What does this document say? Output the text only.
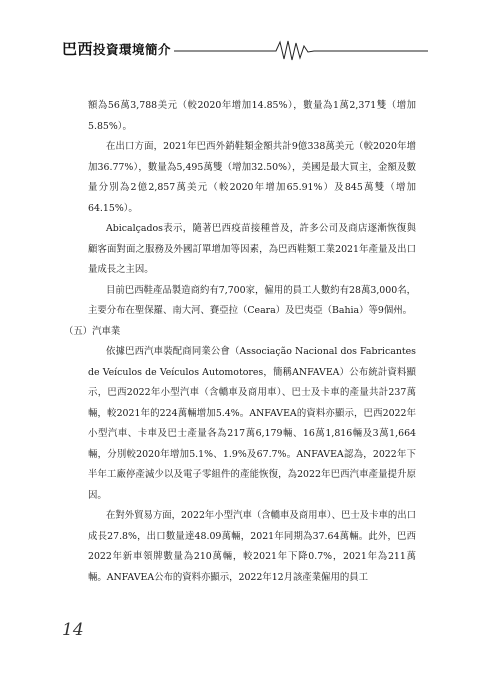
巴西投資環境簡介

額為56萬3,788美元（較2020年增加14.85%），數量為1萬2,371雙（增加5.85%）。

在出口方面，2021年巴西外銷鞋類金額共計9億338萬美元（較2020年增加36.77%），數量為5,495萬雙（增加32.50%），美國是最大買主，金額及數量分別為2億2,857萬美元（較2020年增加65.91%）及845萬雙（增加64.15%）。

Abicalçados表示，隨著巴西疫苗接種普及，許多公司及商店逐漸恢復與顧客面對面之服務及外國訂單增加等因素，為巴西鞋類工業2021年產量及出口量成長之主因。

目前巴西鞋產品製造商約有7,700家，僱用的員工人數約有28萬3,000名，主要分布在聖保羅、南大河、賽亞拉（Ceara）及巴夷亞（Bahia）等9個州。

（五）汽車業

依據巴西汽車裝配商同業公會（Associação Nacional dos Fabricantes de Veículos de Veículos Automotores，簡稱ANFAVEA）公布統計資料顯示，巴西2022年小型汽車（含轎車及商用車）、巴士及卡車的產量共計237萬輛，較2021年的224萬輛增加5.4%。ANFAVEA的資料亦顯示，巴西2022年小型汽車、卡車及巴士產量各為217萬6,179輛、16萬1,816輛及3萬1,664輛，分別較2020年增加5.1%、1.9%及67.7%。ANFAVEA認為，2022年下半年工廠停產減少以及電子零組件的產能恢復，為2022年巴西汽車產量提升原因。

在對外貿易方面，2022年小型汽車（含轎車及商用車）、巴士及卡車的出口成長27.8%，出口數量達48.09萬輛，2021年同期為37.64萬輛。此外，巴西2022年新車領牌數量為210萬輛，較2021年下降0.7%，2021年為211萬輛。ANFAVEA公布的資料亦顯示，2022年12月該產業僱用的員工

14
